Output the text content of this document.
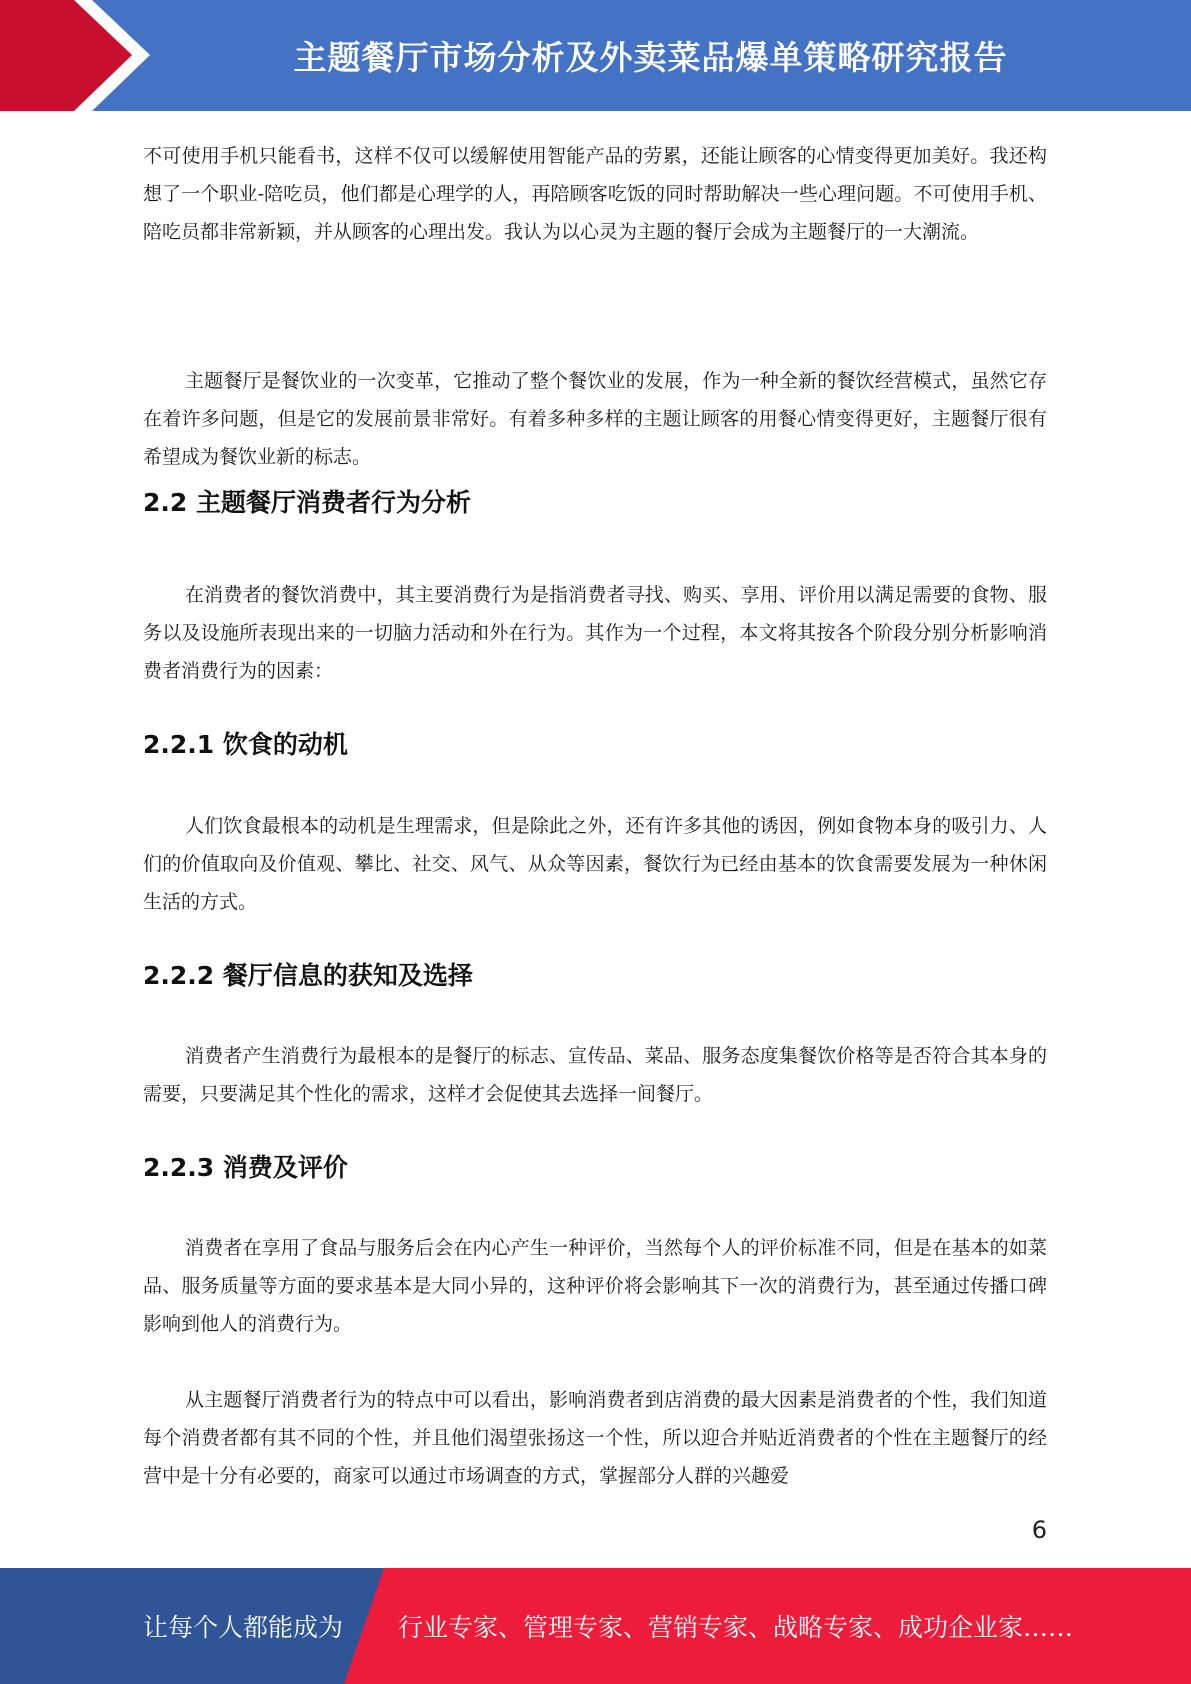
主题餐厅市场分析及外卖菜品爆单策略研究报告

不可使用手机只能看书，这样不仅可以缓解使用智能产品的劳累，还能让顾客的心情变得更加美好。我还构想了一个职业-陪吃员，他们都是心理学的人，再陪顾客吃饭的同时帮助解决一些心理问题。不可使用手机、陪吃员都非常新颖，并从顾客的心理出发。我认为以心灵为主题的餐厅会成为主题餐厅的一大潮流。

主题餐厅是餐饮业的一次变革，它推动了整个餐饮业的发展，作为一种全新的餐饮经营模式，虽然它存在着许多问题，但是它的发展前景非常好。有着多种多样的主题让顾客的用餐心情变得更好，主题餐厅很有希望成为餐饮业新的标志。

2.2 主题餐厅消费者行为分析

在消费者的餐饮消费中，其主要消费行为是指消费者寻找、购买、享用、评价用以满足需要的食物、服务以及设施所表现出来的一切脑力活动和外在行为。其作为一个过程，本文将其按各个阶段分别分析影响消费者消费行为的因素：

2.2.1 饮食的动机

人们饮食最根本的动机是生理需求，但是除此之外，还有许多其他的诱因，例如食物本身的吸引力、人们的价值取向及价值观、攀比、社交、风气、从众等因素，餐饮行为已经由基本的饮食需要发展为一种休闲生活的方式。

2.2.2 餐厅信息的获知及选择

消费者产生消费行为最根本的是餐厅的标志、宣传品、菜品、服务态度集餐饮价格等是否符合其本身的需要，只要满足其个性化的需求，这样才会促使其去选择一间餐厅。

2.2.3 消费及评价

消费者在享用了食品与服务后会在内心产生一种评价，当然每个人的评价标准不同，但是在基本的如菜品、服务质量等方面的要求基本是大同小异的，这种评价将会影响其下一次的消费行为，甚至通过传播口碑影响到他人的消费行为。

从主题餐厅消费者行为的特点中可以看出，影响消费者到店消费的最大因素是消费者的个性，我们知道每个消费者都有其不同的个性，并且他们渴望张扬这一个性，所以迎合并贴近消费者的个性在主题餐厅的经营中是十分有必要的，商家可以通过市场调查的方式，掌握部分人群的兴趣爱

6
让每个人都能成为 行业专家、管理专家、营销专家、战略专家、成功企业家……
